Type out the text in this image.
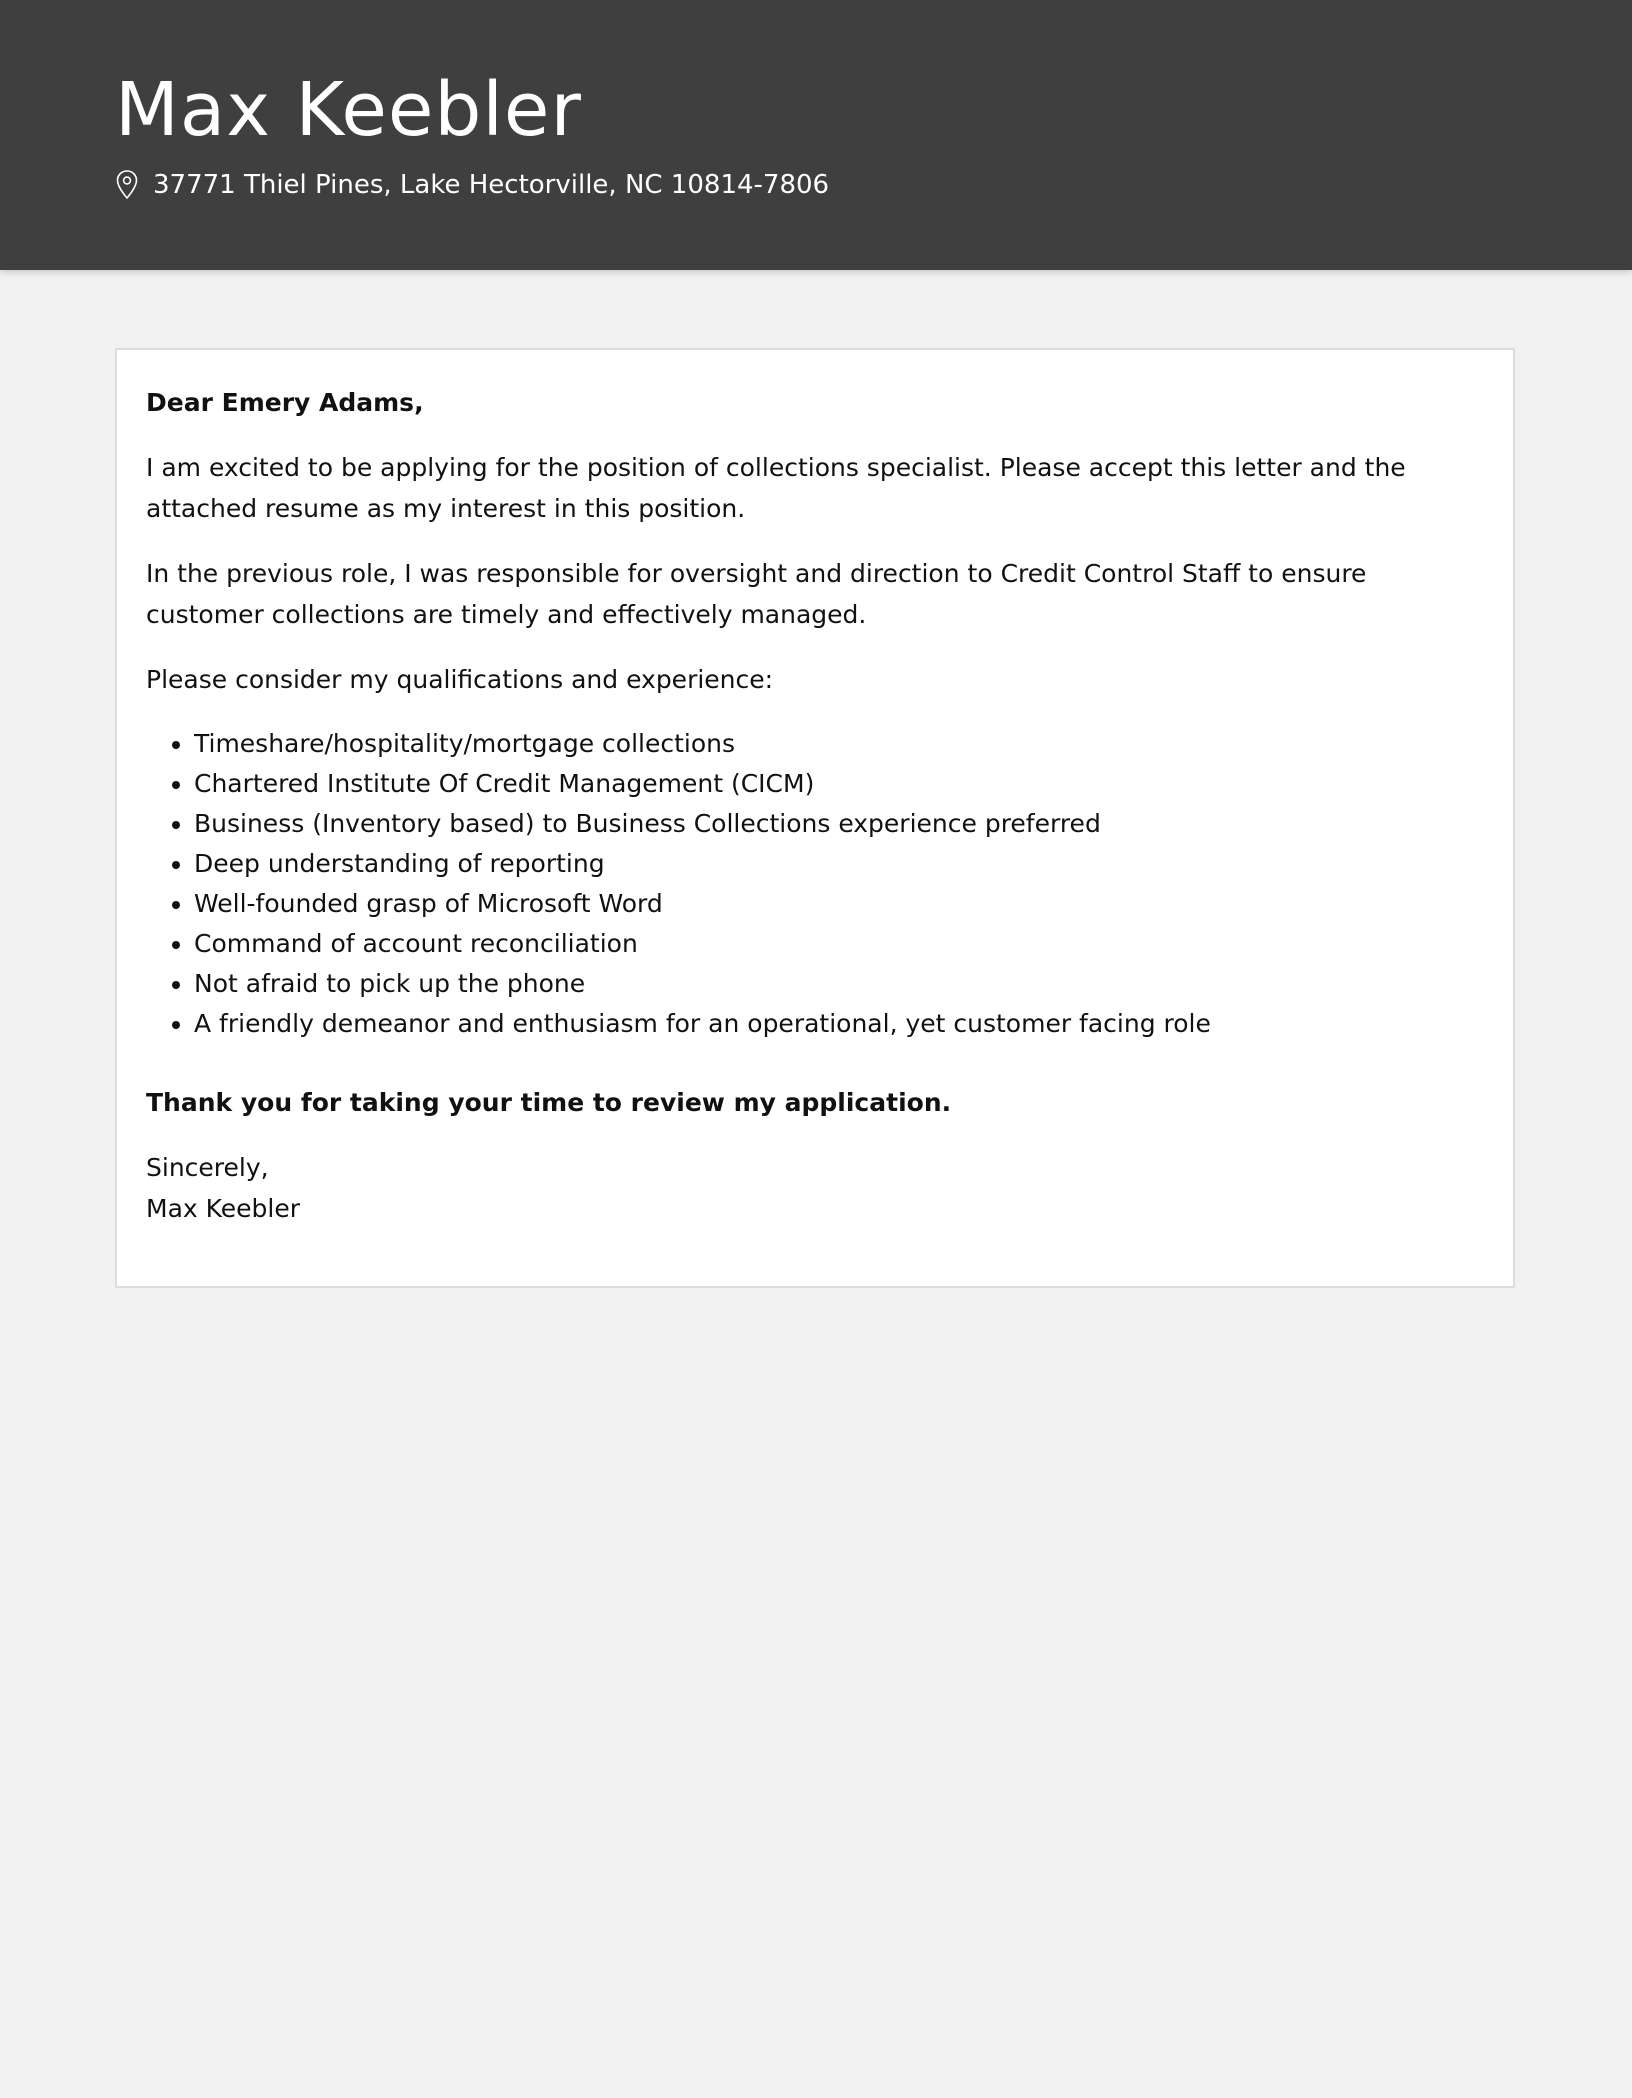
Max Keebler
37771 Thiel Pines, Lake Hectorville, NC 10814-7806

Dear Emery Adams,

I am excited to be applying for the position of collections specialist. Please accept this letter and the attached resume as my interest in this position.

In the previous role, I was responsible for oversight and direction to Credit Control Staff to ensure customer collections are timely and effectively managed.

Please consider my qualifications and experience:

• Timeshare/hospitality/mortgage collections
• Chartered Institute Of Credit Management (CICM)
• Business (Inventory based) to Business Collections experience preferred
• Deep understanding of reporting
• Well-founded grasp of Microsoft Word
• Command of account reconciliation
• Not afraid to pick up the phone
• A friendly demeanor and enthusiasm for an operational, yet customer facing role

Thank you for taking your time to review my application.

Sincerely,

Max Keebler
